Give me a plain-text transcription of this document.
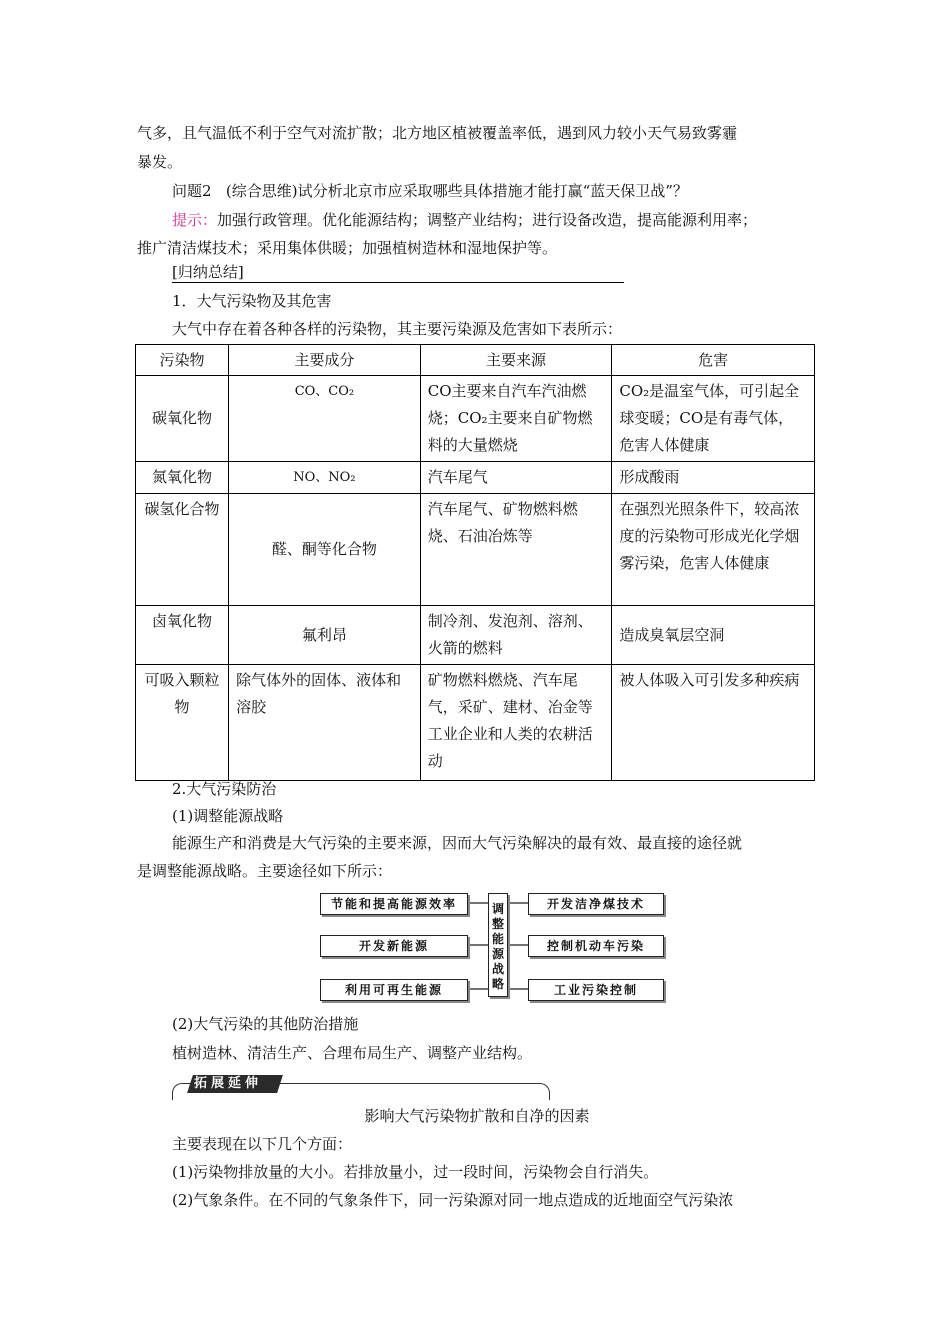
气多，且气温低不利于空气对流扩散；北方地区植被覆盖率低，遇到风力较小天气易致雾霾
暴发。
问题2 (综合思维)试分析北京市应采取哪些具体措施才能打赢“蓝天保卫战”？
提示：加强行政管理。优化能源结构；调整产业结构；进行设备改造，提高能源利用率；
推广清洁煤技术；采用集体供暖；加强植树造林和湿地保护等。
[归纳总结]
1．大气污染物及其危害
大气中存在着各种各样的污染物，其主要污染源及危害如下表所示：
污染物	主要成分	主要来源	危害
碳氧化物	CO、CO₂	CO主要来自汽车汽油燃烧；CO₂主要来自矿物燃料的大量燃烧	CO₂是温室气体，可引起全球变暖；CO是有毒气体，危害人体健康
氮氧化物	NO、NO₂	汽车尾气	形成酸雨
碳氢化合物	醛、酮等化合物	汽车尾气、矿物燃料燃烧、石油冶炼等	在强烈光照条件下，较高浓度的污染物可形成光化学烟雾污染，危害人体健康
卤氧化物	氟利昂	制冷剂、发泡剂、溶剂、火箭的燃料	造成臭氧层空洞
可吸入颗粒物	除气体外的固体、液体和溶胶	矿物燃料燃烧、汽车尾气，采矿、建材、冶金等工业企业和人类的农耕活动	被人体吸入可引发多种疾病
2.大气污染防治
(1)调整能源战略
能源生产和消费是大气污染的主要来源，因而大气污染解决的最有效、最直接的途径就
是调整能源战略。主要途径如下所示：
节能和提高能源效率
开发新能源
利用可再生能源
调整能源战略
开发洁净煤技术
控制机动车污染
工业污染控制
(2)大气污染的其他防治措施
植树造林、清洁生产、合理布局生产、调整产业结构。
拓展延伸
影响大气污染物扩散和自净的因素
主要表现在以下几个方面：
(1)污染物排放量的大小。若排放量小，过一段时间，污染物会自行消失。
(2)气象条件。在不同的气象条件下，同一污染源对同一地点造成的近地面空气污染浓
